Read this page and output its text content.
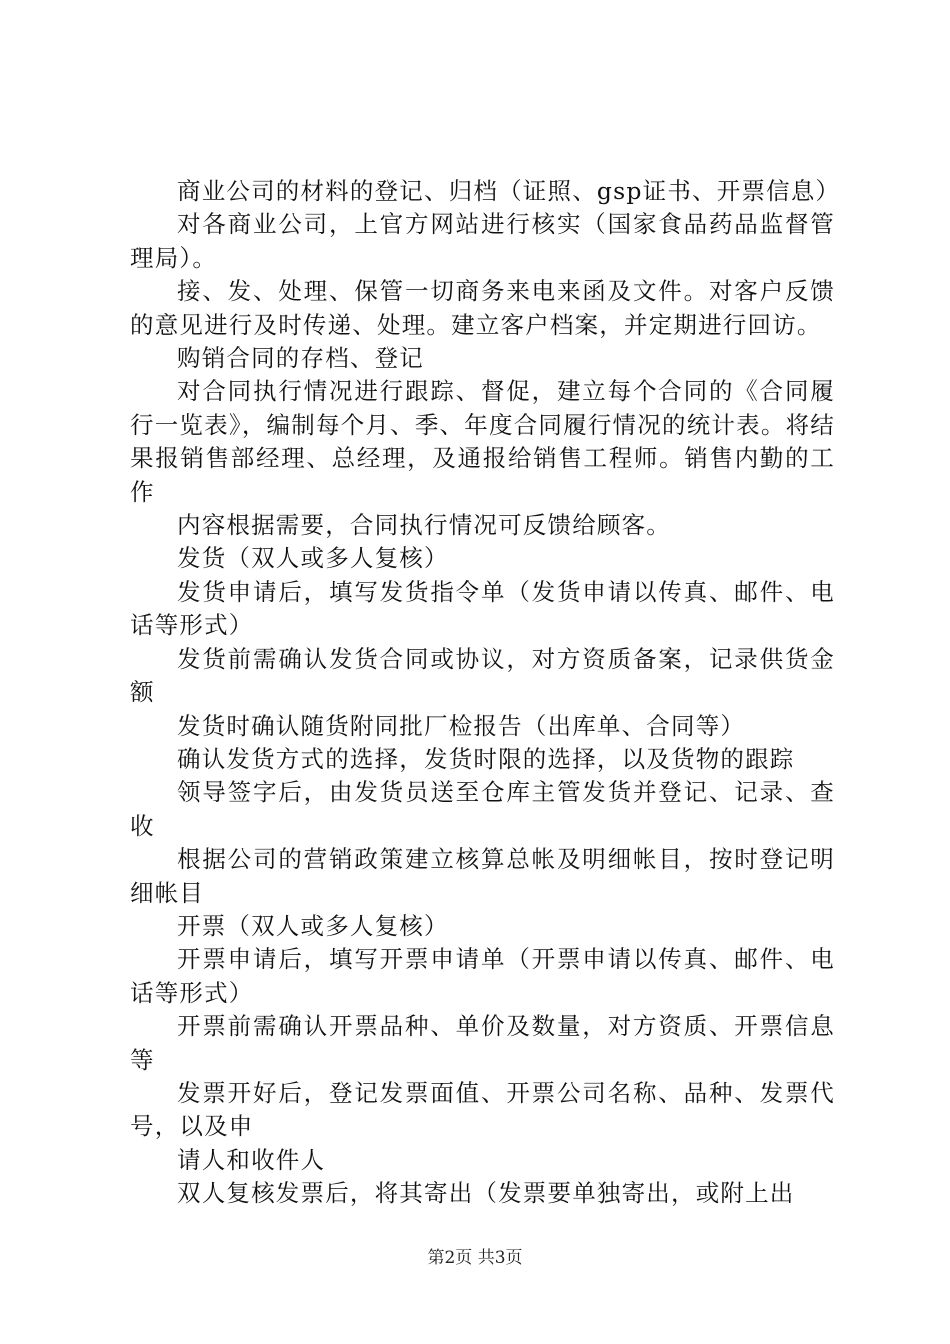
商业公司的材料的登记、归档（证照、gsp证书、开票信息）

对各商业公司，上官方网站进行核实（国家食品药品监督管理局）。

接、发、处理、保管一切商务来电来函及文件。对客户反馈的意见进行及时传递、处理。建立客户档案，并定期进行回访。

购销合同的存档、登记

对合同执行情况进行跟踪、督促，建立每个合同的《合同履行一览表》，编制每个月、季、年度合同履行情况的统计表。将结果报销售部经理、总经理，及通报给销售工程师。销售内勤的工作

内容根据需要，合同执行情况可反馈给顾客。

发货（双人或多人复核）

发货申请后，填写发货指令单（发货申请以传真、邮件、电话等形式）

发货前需确认发货合同或协议，对方资质备案，记录供货金额

发货时确认随货附同批厂检报告（出库单、合同等）

确认发货方式的选择，发货时限的选择，以及货物的跟踪

领导签字后，由发货员送至仓库主管发货并登记、记录、查收

根据公司的营销政策建立核算总帐及明细帐目，按时登记明细帐目

开票（双人或多人复核）

开票申请后，填写开票申请单（开票申请以传真、邮件、电话等形式）

开票前需确认开票品种、单价及数量，对方资质、开票信息等

发票开好后，登记发票面值、开票公司名称、品种、发票代号，以及申

请人和收件人

双人复核发票后，将其寄出（发票要单独寄出，或附上出

第2页 共3页
